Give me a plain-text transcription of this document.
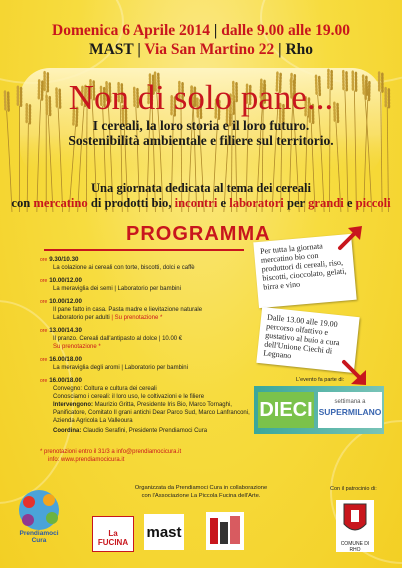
Domenica 6 Aprile 2014 | dalle 9.00 alle 19.00
MAST | Via San Martino 22 | Rho
Non di solo pane...
I cereali, la loro storia e il loro futuro.
Sostenibilità ambientale e filiere sul territorio.
Una giornata dedicata al tema dei cereali
con mercatino di prodotti bio, incontri e laboratori per grandi e piccoli
PROGRAMMA
ore 9.30/10.30
La colazione ai cereali con torte, biscotti, dolci e caffè
ore 10.00/12.00
La meraviglia dei semi | Laboratorio per bambini
ore 10.00/12.00
Il pane fatto in casa. Pasta madre e lievitazione naturale
Laboratorio per adulti | Su prenotazione *
ore 13.00/14.30
Il pranzo. Cereali dall'antipasto al dolce | 10.00 €
Su prenotazione *
ore 16.00/18.00
La meraviglia degli aromi | Laboratorio per bambini
ore 16.00/18.00
Convegno: Coltura e cultura dei cereali
Conosciamo i cereali: il loro uso, le coltivazioni e le filiere
Intervengono: Maurizio Gritta, Presidente Iris Bio, Marco Tornaghi, Panificatore, Comitato Il grani antichi Dear Parco Sud, Marco Lanfranconi, Azienda Agricola La Valleoura
Coordina: Claudio Serafini, Presidente Prendiamoci Cura
* prenotazioni entro il 31/3 a info@prendiamocicura.it
info: www.prendiamocicura.it
Per tutta la giornata mercatino bio con produttori di cereali, riso, biscotti, cioccolato, gelati, birra e vino
Dalle 13.00 alle 19.00 percorso olfattivo e gustativo al buio a cura dell'Unione Ciechi di Legnano
L'evento fa parte di:
DIECI	settimana a
SUPERMILANO
Organizzata da Prendiamoci Cura in collaborazione
con l'Associazione La Piccola Fucina dell'Arte.
Con il patrocinio di:
Prendiamoci Cura
La FUCINA
mast
COMUNE DI RHO
